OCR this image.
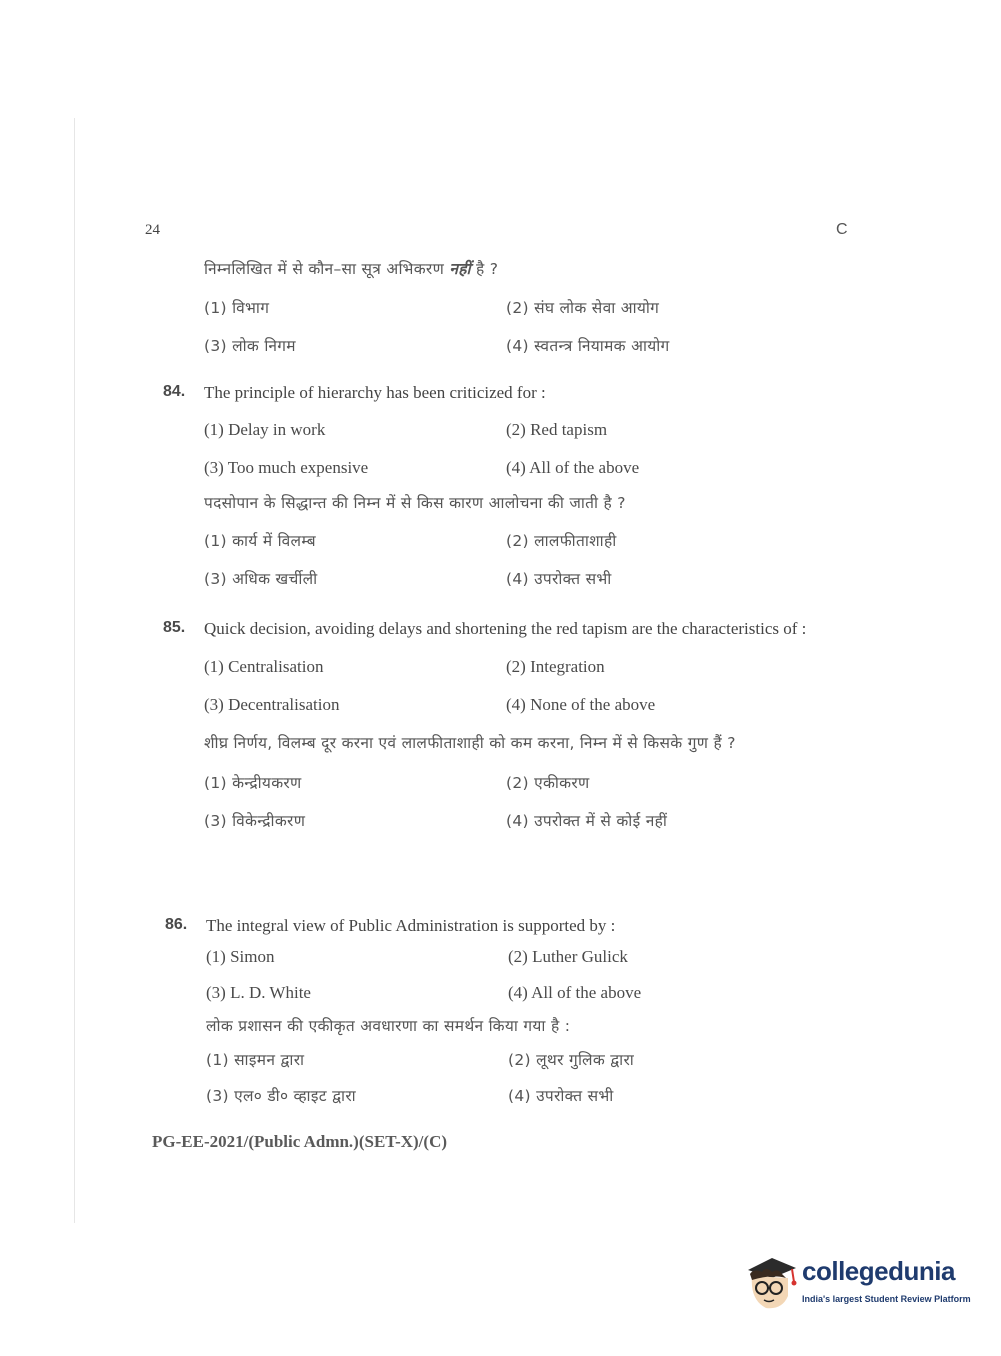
24	C
निम्नलिखित में से कौन–सा सूत्र अभिकरण नहीं है ?
(1) विभाग	(2) संघ लोक सेवा आयोग
(3) लोक निगम	(4) स्वतन्त्र नियामक आयोग
84. The principle of hierarchy has been criticized for :
(1) Delay in work	(2) Red tapism
(3) Too much expensive	(4) All of the above
पदसोपान के सिद्धान्त की निम्न में से किस कारण आलोचना की जाती है ?
(1) कार्य में विलम्ब	(2) लालफीताशाही
(3) अधिक खर्चीली	(4) उपरोक्त सभी
85. Quick decision, avoiding delays and shortening the red tapism are the characteristics of :
(1) Centralisation	(2) Integration
(3) Decentralisation	(4) None of the above
शीघ्र निर्णय, विलम्ब दूर करना एवं लालफीताशाही को कम करना, निम्न में से किसके गुण हैं ?
(1) केन्द्रीयकरण	(2) एकीकरण
(3) विकेन्द्रीकरण	(4) उपरोक्त में से कोई नहीं
86. The integral view of Public Administration is supported by :
(1) Simon	(2) Luther Gulick
(3) L. D. White	(4) All of the above
लोक प्रशासन की एकीकृत अवधारणा का समर्थन किया गया है :
(1) साइमन द्वारा	(2) लूथर गुलिक द्वारा
(3) एल० डी० व्हाइट द्वारा	(4) उपरोक्त सभी
PG-EE-2021/(Public Admn.)(SET-X)/(C)
collegedunia
India's largest Student Review Platform
